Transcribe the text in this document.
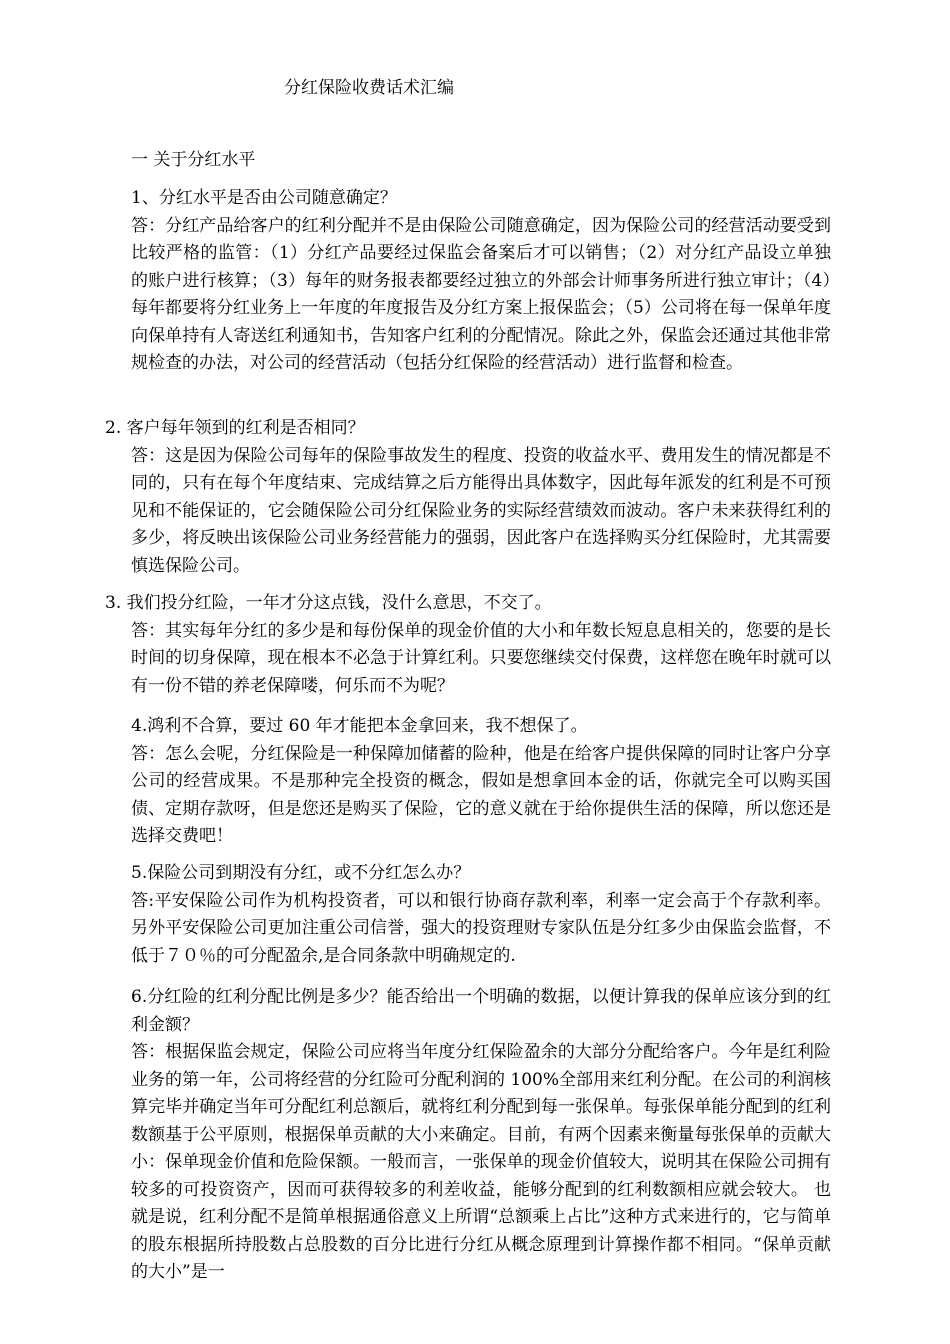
分红保险收费话术汇编
一 关于分红水平

1、分红水平是否由公司随意确定？

答：分红产品给客户的红利分配并不是由保险公司随意确定，因为保险公司的经营活动要受到比较严格的监管：（1）分红产品要经过保监会备案后才可以销售；（2）对分红产品设立单独的账户进行核算；（3）每年的财务报表都要经过独立的外部会计师事务所进行独立审计；（4）每年都要将分红业务上一年度的年度报告及分红方案上报保监会；（5）公司将在每一保单年度向保单持有人寄送红利通知书，告知客户红利的分配情况。除此之外，保监会还通过其他非常规检查的办法，对公司的经营活动（包括分红保险的经营活动）进行监督和检查。

2. 客户每年领到的红利是否相同？

答：这是因为保险公司每年的保险事故发生的程度、投资的收益水平、费用发生的情况都是不同的，只有在每个年度结束、完成结算之后方能得出具体数字，因此每年派发的红利是不可预见和不能保证的，它会随保险公司分红保险业务的实际经营绩效而波动。客户未来获得红利的多少，将反映出该保险公司业务经营能力的强弱，因此客户在选择购买分红保险时，尤其需要慎选保险公司。

3. 我们投分红险，一年才分这点钱，没什么意思，不交了。

答：其实每年分红的多少是和每份保单的现金价值的大小和年数长短息息相关的，您要的是长时间的切身保障，现在根本不必急于计算红利。只要您继续交付保费，这样您在晚年时就可以有一份不错的养老保障喽，何乐而不为呢？

4.鸿利不合算，要过 60 年才能把本金拿回来，我不想保了。

答：怎么会呢，分红保险是一种保障加储蓄的险种，他是在给客户提供保障的同时让客户分享公司的经营成果。不是那种完全投资的概念，假如是想拿回本金的话，你就完全可以购买国债、定期存款呀，但是您还是购买了保险，它的意义就在于给你提供生活的保障，所以您还是选择交费吧！

5.保险公司到期没有分红，或不分红怎么办？

答:平安保险公司作为机构投资者，可以和银行协商存款利率，利率一定会高于个存款利率。另外平安保险公司更加注重公司信誉，强大的投资理财专家队伍是分红多少由保监会监督，不低于７０％的可分配盈余,是合同条款中明确规定的.

6.分红险的红利分配比例是多少？能否给出一个明确的数据，以便计算我的保单应该分到的红利金额？

答：根据保监会规定，保险公司应将当年度分红保险盈余的大部分分配给客户。今年是红利险业务的第一年，公司将经营的分红险可分配利润的 100%全部用来红利分配。在公司的利润核算完毕并确定当年可分配红利总额后，就将红利分配到每一张保单。每张保单能分配到的红利数额基于公平原则，根据保单贡献的大小来确定。目前，有两个因素来衡量每张保单的贡献大小：保单现金价值和危险保额。一般而言，一张保单的现金价值较大，说明其在保险公司拥有较多的可投资资产，因而可获得较多的利差收益，能够分配到的红利数额相应就会较大。 也就是说，红利分配不是简单根据通俗意义上所谓“总额乘上占比”这种方式来进行的，它与简单的股东根据所持股数占总股数的百分比进行分红从概念原理到计算操作都不相同。“保单贡献的大小”是一
